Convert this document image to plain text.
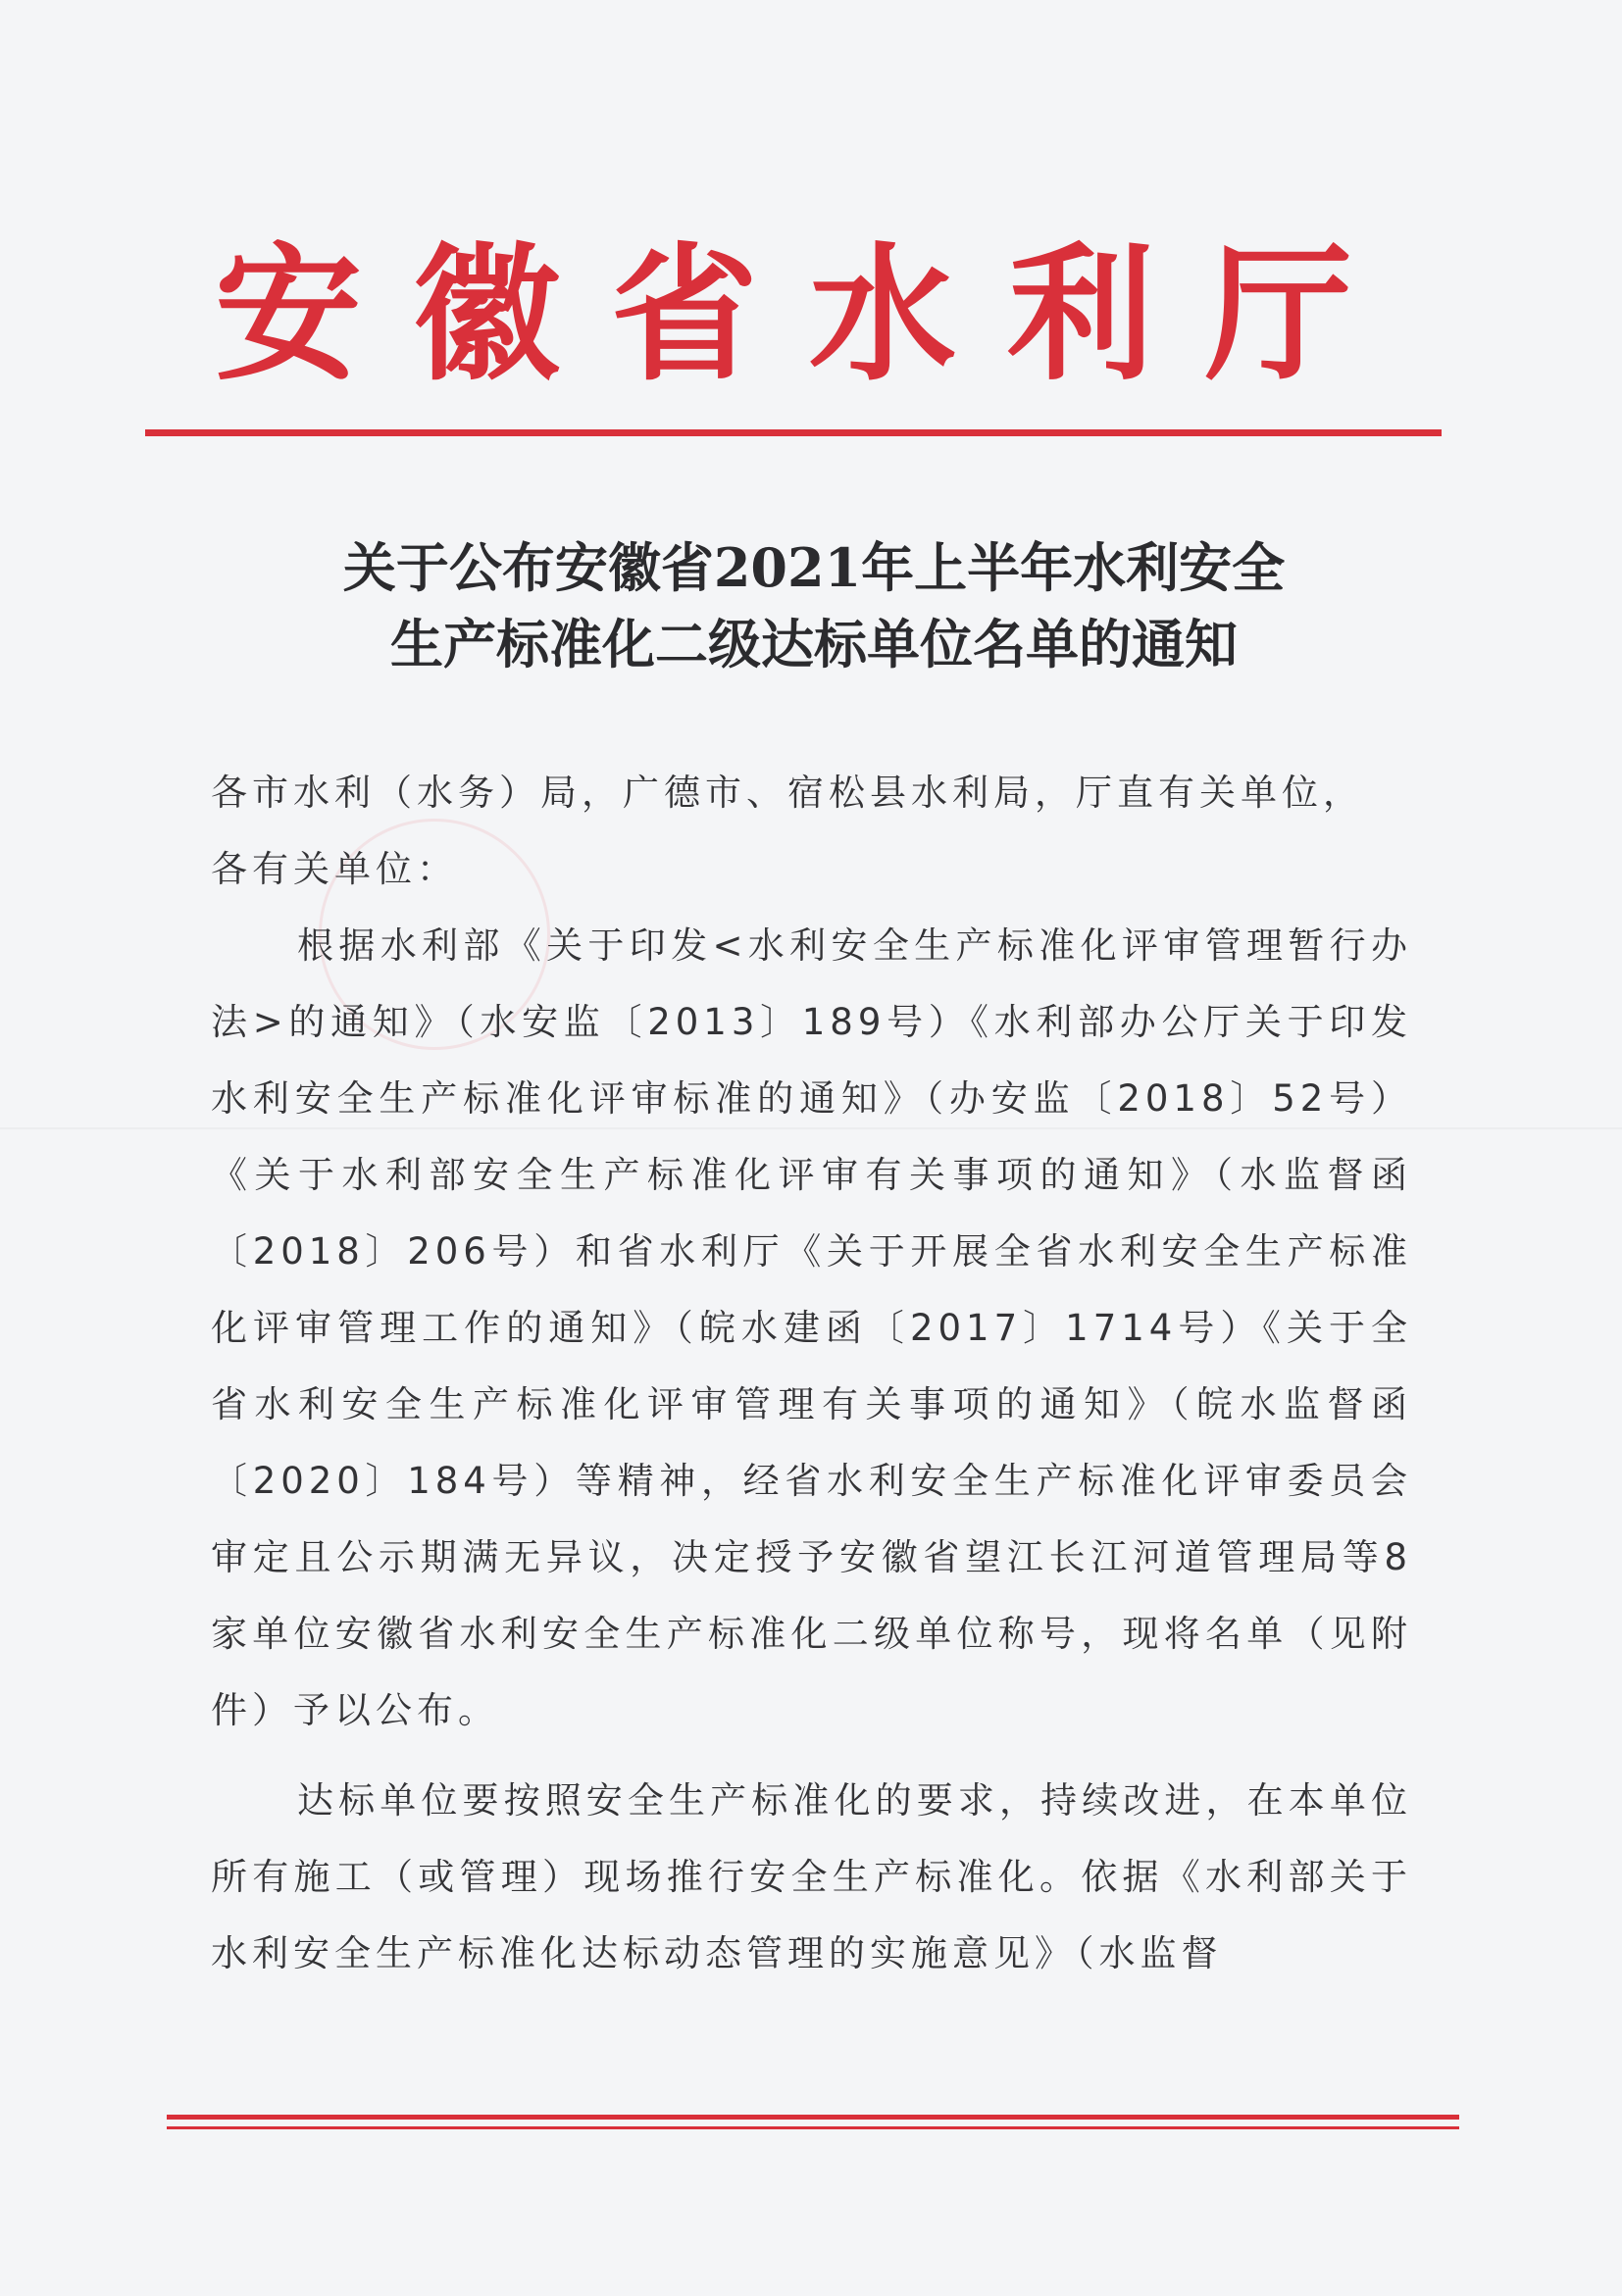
安徽省水利厅
关于公布安徽省2021年上半年水利安全
生产标准化二级达标单位名单的通知

各市水利（水务）局，广德市、宿松县水利局，厅直有关单位，

各有关单位：

根据水利部《关于印发<水利安全生产标准化评审管理暂行办法>的通知》（水安监〔2013〕189号）《水利部办公厅关于印发水利安全生产标准化评审标准的通知》（办安监〔2018〕52号）《关于水利部安全生产标准化评审有关事项的通知》（水监督函〔2018〕206号）和省水利厅《关于开展全省水利安全生产标准化评审管理工作的通知》（皖水建函〔2017〕1714号）《关于全省水利安全生产标准化评审管理有关事项的通知》（皖水监督函〔2020〕184号）等精神，经省水利安全生产标准化评审委员会审定且公示期满无异议，决定授予安徽省望江长江河道管理局等8家单位安徽省水利安全生产标准化二级单位称号，现将名单（见附件）予以公布。

达标单位要按照安全生产标准化的要求，持续改进，在本单位所有施工（或管理）现场推行安全生产标准化。依据《水利部关于水利安全生产标准化达标动态管理的实施意见》（水监督
